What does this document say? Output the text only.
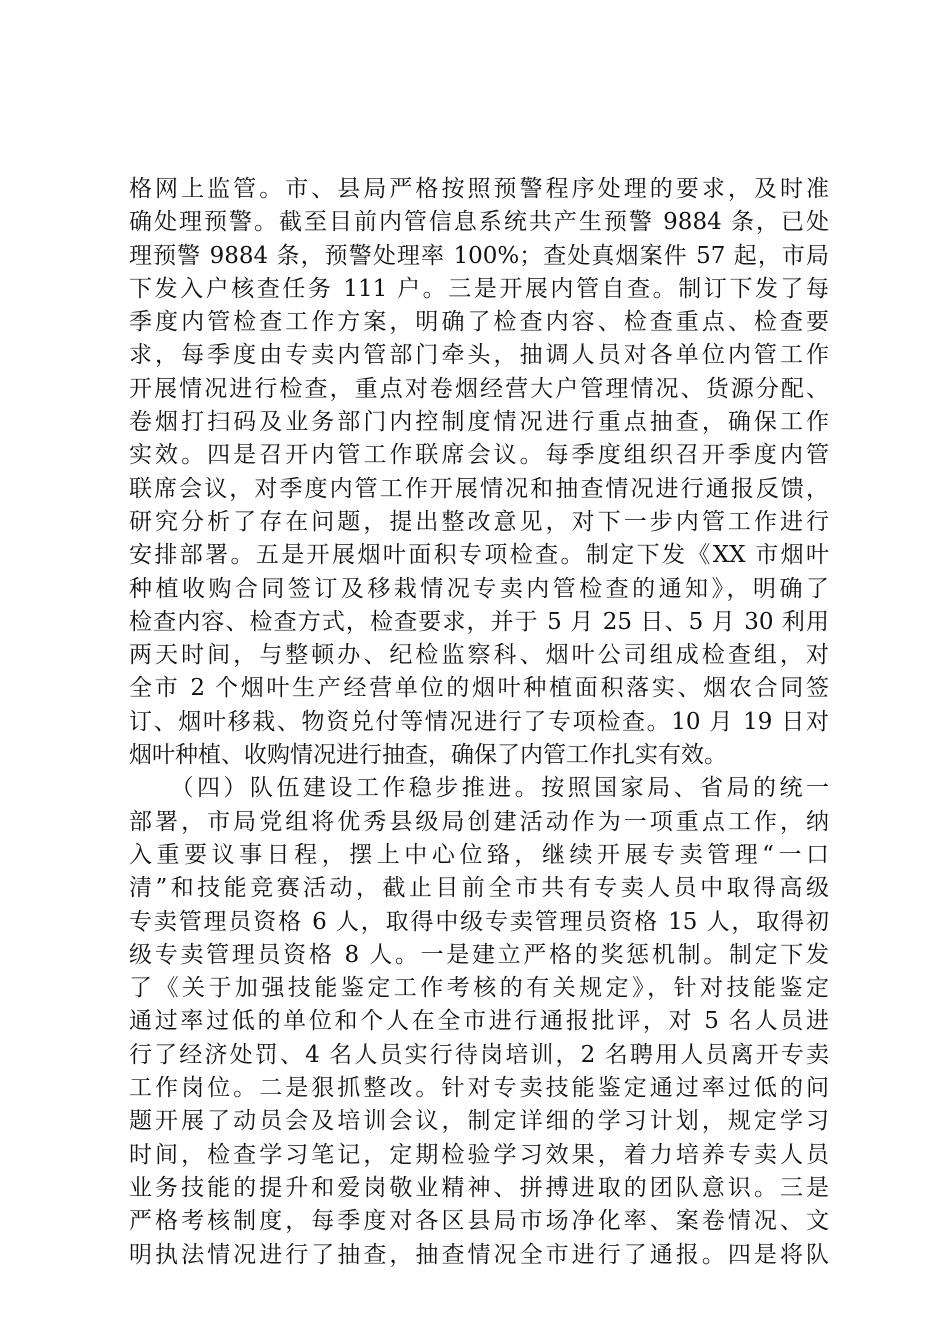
格网上监管。市、县局严格按照预警程序处理的要求，及时准
确处理预警。截至目前内管信息系统共产生预警 9884 条，已处
理预警 9884 条，预警处理率 100%；查处真烟案件 57 起，市局
下发入户核查任务 111 户。三是开展内管自查。制订下发了每
季度内管检查工作方案，明确了检查内容、检查重点、检查要
求，每季度由专卖内管部门牵头，抽调人员对各单位内管工作
开展情况进行检查，重点对卷烟经营大户管理情况、货源分配、
卷烟打扫码及业务部门内控制度情况进行重点抽查，确保工作
实效。四是召开内管工作联席会议。每季度组织召开季度内管
联席会议，对季度内管工作开展情况和抽查情况进行通报反馈，
研究分析了存在问题，提出整改意见，对下一步内管工作进行
安排部署。五是开展烟叶面积专项检查。制定下发《XX 市烟叶
种植收购合同签订及移栽情况专卖内管检查的通知》，明确了
检查内容、检查方式，检查要求，并于 5 月 25 日、5 月 30 利用
两天时间，与整顿办、纪检监察科、烟叶公司组成检查组，对
全市 2 个烟叶生产经营单位的烟叶种植面积落实、烟农合同签
订、烟叶移栽、物资兑付等情况进行了专项检查。10 月 19 日对
烟叶种植、收购情况进行抽查，确保了内管工作扎实有效。
　　（四）队伍建设工作稳步推进。按照国家局、省局的统一
部署，市局党组将优秀县级局创建活动作为一项重点工作，纳
入重要议事日程，摆上中心位臵，继续开展专卖管理“一口
清”和技能竞赛活动，截止目前全市共有专卖人员中取得高级
专卖管理员资格 6 人，取得中级专卖管理员资格 15 人，取得初
级专卖管理员资格 8 人。一是建立严格的奖惩机制。制定下发
了《关于加强技能鉴定工作考核的有关规定》，针对技能鉴定
通过率过低的单位和个人在全市进行通报批评，对 5 名人员进
行了经济处罚、4 名人员实行待岗培训，2 名聘用人员离开专卖
工作岗位。二是狠抓整改。针对专卖技能鉴定通过率过低的问
题开展了动员会及培训会议，制定详细的学习计划，规定学习
时间，检查学习笔记，定期检验学习效果，着力培养专卖人员
业务技能的提升和爱岗敬业精神、拼搏进取的团队意识。三是
严格考核制度，每季度对各区县局市场净化率、案卷情况、文
明执法情况进行了抽查，抽查情况全市进行了通报。四是将队
